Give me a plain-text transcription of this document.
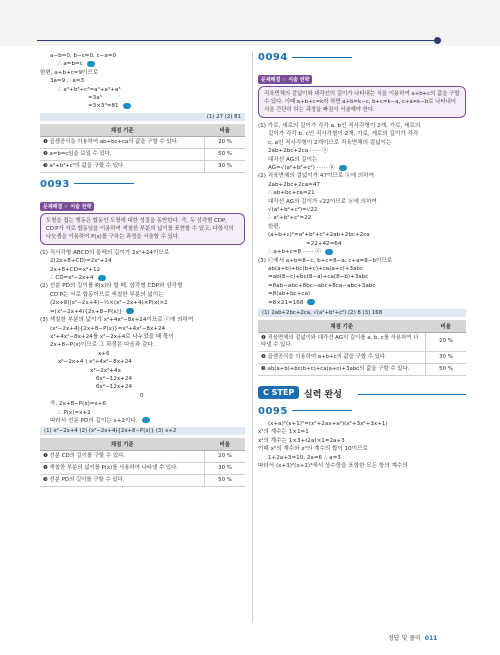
a−b=0, b−c=0, c−a=0
∴ a=b=c
한편, a+b+c=9이므로
3a=9 ∴ a=3
∴ a³+b³+c³=a³+a³+a³
=3a³
=3×3³=81
(1) 27 (2) 81
채점 기준	비율
❶ 곱셈공식을 이용하여 ab+bc+ca의 값을 구할 수 있다.	20 %
❷ a=b=c임을 보일 수 있다.	50 %
❸ a³+b³+c³의 값을 구할 수 있다.	30 %
0093
문제해결 ☞ 서술 전략
도형을 접는 행동은 합동인 도형에 대한 성질을 동반한다. 즉, 두 삼각형 CDP, CD′P가 서로 합동임을 이용하여 색칠한 부분의 넓이를 표현할 수 있고, 다항식의 나눗셈을 이용하여 P(x)를 구하는 과정을 서술할 수 있다.
(1) 직사각형 ABCD의 둘레의 길이가 2x²+24이므로
2(2x+8+CD)=2x²+24
2x+8+CD=x²+12
∴ CD=x²−2x+4
(2) 선분 PD의 길이를 P(x)라 할 때, 삼각형 CDP와 삼각형
CD′P는 서로 합동이므로 색칠한 부분의 넓이는
(2x+8)(x²−2x+4)−½×(x²−2x+4)×P(x)×2
=(x²−2x+4){2x+8−P(x)}
(3) 색칠한 부분의 넓이가 x³+4x²−8x+24이므로 ⓒ에 의하여
(x²−2x+4){2x+8−P(x)}=x³+4x²−8x+24
x³+4x²−8x+24를 x²−2x+4로 나누었을 때 몫이
2x+8−P(x)이므로 그 과정은 다음과 같다.
x+6
x²−2x+4 ) x³+4x²−8x+24
x³−2x²+4x
6x²−12x+24
6x²−12x+24
0
즉, 2x+8−P(x)=x+6
∴ P(x)=x+2
따라서 선분 PD의 길이는 x+2이다.
(1) x²−2x+4 (2) (x²−2x+4){2x+8−P(x)} (3) x+2
채점 기준	비율
❶ 선분 CD의 길이를 구할 수 있다.	20 %
❷ 색칠한 부분의 넓이를 P(x)를 사용하여 나타낼 수 있다.	30 %
❸ 선분 PD의 길이를 구할 수 있다.	50 %
0094
문제해결 ☞ 서술 전략
직육면체의 겉넓이와 대각선의 길이가 나타내는 식을 이용하여 a+b+c의 값을 구할 수 있다. 이때 a+b+c=k라 하면 a+b=k−c, b+c=k−a, c+a=k−b로 나타내어 식을 간단히 하는 과정을 빠짐이 서술해야 한다.
(1) 가로, 세로의 길이가 각각 a, b인 직사각형이 2개, 가로, 세로의
길이가 각각 b, c인 직사각형이 2개, 가로, 세로의 길이가 각각
c, a인 직사각형이 2개이므로 직육면체의 겉넓이는
2ab+2bc+2ca ······ ⓐ
대각선 AG의 길이는
AG=√(a²+b²+c²) ······ ⓑ
(2) 직육면체의 겉넓이가 47이므로 ⓐ에 의하여
2ab+2bc+2ca=47
∴ ab+bc+ca=21
대각선 AG의 길이가 √22이므로 ⓑ에 의하여
√(a²+b²+c²)=√22
∴ a²+b²+c²=22
한편,
(a+b+c)²=a²+b²+c²+2ab+2bc+2ca
=22+42=64
∴ a+b+c=8 ······ ⓒ
(3) ⓒ에서 a+b=8−c, b+c=8−a, c+a=8−b이므로
ab(a+b)+bc(b+c)+ca(a+c)+3abc
=ab(8−c)+bc(8−a)+ca(8−b)+3abc
=8ab−abc+8bc−abc+8ca−abc+3abc
=8(ab+bc+ca)
=8×21=168
(1) 2ab+2bc+2ca, √(a²+b²+c²) (2) 8 (3) 168
채점 기준	비율
❶ 직육면체의 겉넓이와 대각선 AG의 길이를 a, b, c를 사용하여 나타낼 수 있다.	20 %
❷ 곱셈공식을 이용하여 a+b+c의 값을 구할 수 있다.	30 %
❸ ab(a+b)+bc(b+c)+ca(a+c)+3abc의 값을 구할 수 있다.	50 %
C STEP	실력 완성
0095
(x+a)²(x+1)²=(x²+2ax+a²)(x²+3x²+3x+1)
x⁵의 계수는 1×1=1
x⁴의 계수는 1×3+(2a)×1=2a+3
이때 x⁵의 계수와 x⁴의 계수의 합이 10이므로
1+2a+3=10, 2a=6 ∴ a=3
따라서 (x+3)²(x+1)³에서 상수항을 포함한 모든 항의 계수의
정답 및 풀이 011
